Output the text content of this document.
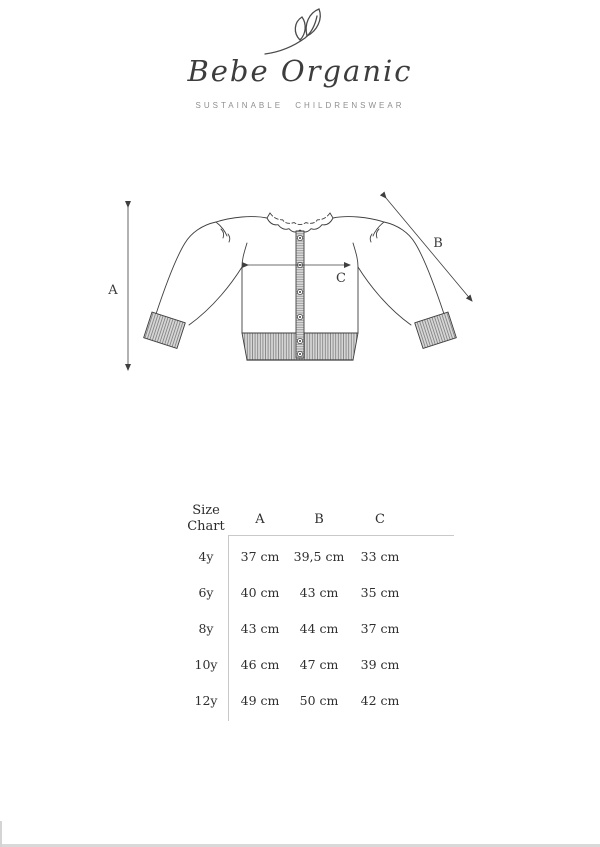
Bebe Organic
SUSTAINABLE CHILDRENSWEAR
A
B
C
Size
Chart	A	B	C
4y	37 cm	39,5 cm	33 cm
6y	40 cm	43 cm	35 cm
8y	43 cm	44 cm	37 cm
10y	46 cm	47 cm	39 cm
12y	49 cm	50 cm	42 cm
